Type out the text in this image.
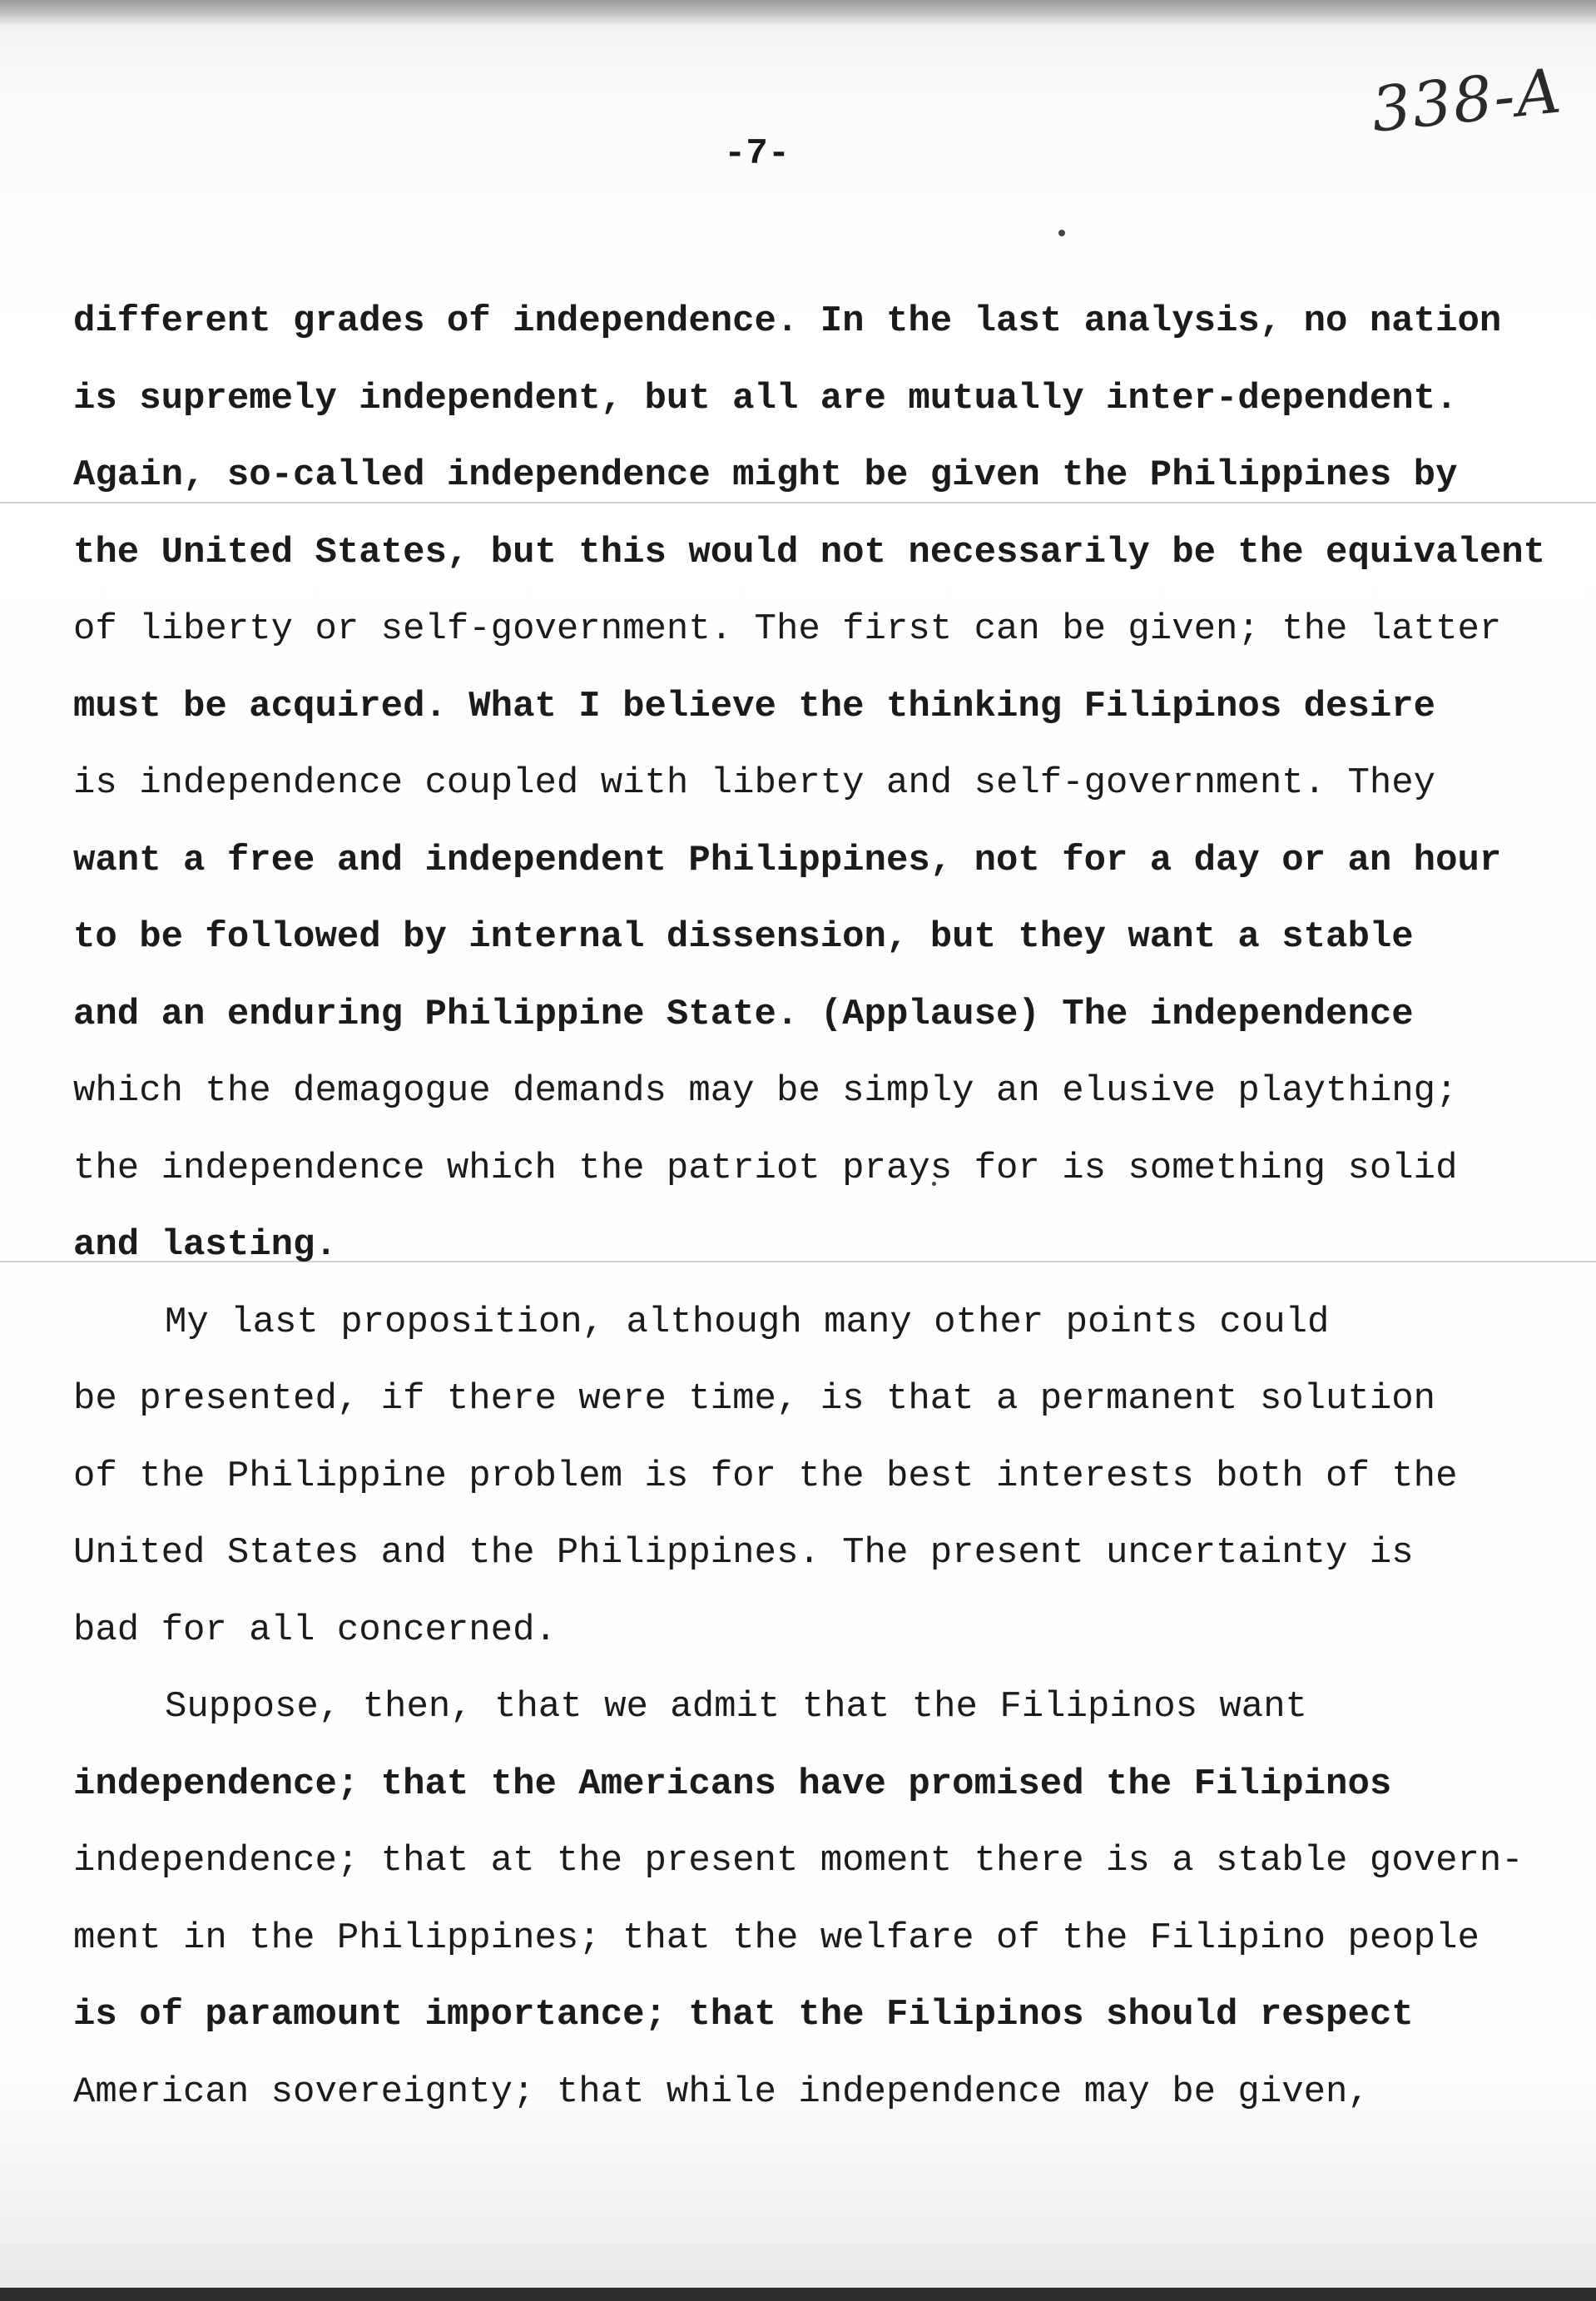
338-A
-7-
different grades of independence. In the last analysis, no nation
is supremely independent, but all are mutually inter-dependent.
Again, so-called independence might be given the Philippines by
the United States, but this would not necessarily be the equivalent
of liberty or self-government. The first can be given; the latter
must be acquired. What I believe the thinking Filipinos desire
is independence coupled with liberty and self-government. They
want a free and independent Philippines, not for a day or an hour
to be followed by internal dissension, but they want a stable
and an enduring Philippine State. (Applause) The independence
which the demagogue demands may be simply an elusive plaything;
the independence which the patriot prays for is something solid
and lasting.
My last proposition, although many other points could
be presented, if there were time, is that a permanent solution
of the Philippine problem is for the best interests both of the
United States and the Philippines. The present uncertainty is
bad for all concerned.
Suppose, then, that we admit that the Filipinos want
independence; that the Americans have promised the Filipinos
independence; that at the present moment there is a stable govern-
ment in the Philippines; that the welfare of the Filipino people
is of paramount importance; that the Filipinos should respect
American sovereignty; that while independence may be given,
